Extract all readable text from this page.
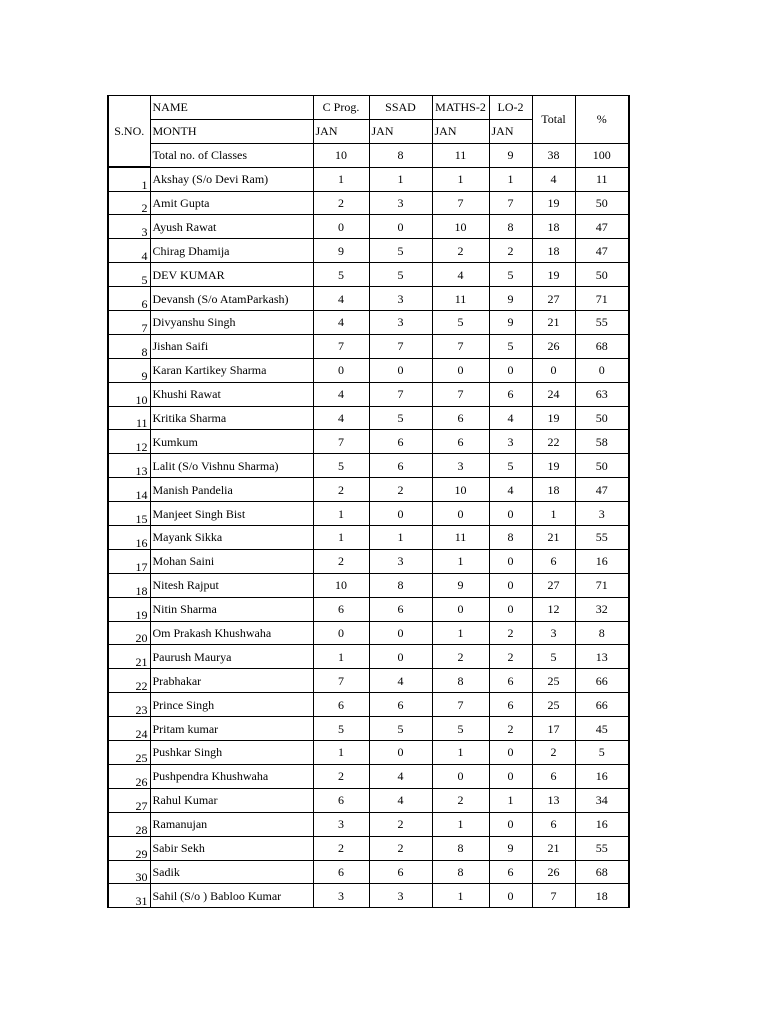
S.NO.	NAME	C Prog.	SSAD	MATHS-2	LO-2	Total	%
	MONTH	JAN	JAN	JAN	JAN		
	Total no. of Classes	10	8	11	9	38	100
1	Akshay (S/o Devi Ram)	1	1	1	1	4	11
2	Amit Gupta	2	3	7	7	19	50
3	Ayush Rawat	0	0	10	8	18	47
4	Chirag Dhamija	9	5	2	2	18	47
5	DEV KUMAR	5	5	4	5	19	50
6	Devansh (S/o AtamParkash)	4	3	11	9	27	71
7	Divyanshu Singh	4	3	5	9	21	55
8	Jishan Saifi	7	7	7	5	26	68
9	Karan Kartikey Sharma	0	0	0	0	0	0
10	Khushi Rawat	4	7	7	6	24	63
11	Kritika Sharma	4	5	6	4	19	50
12	Kumkum	7	6	6	3	22	58
13	Lalit (S/o Vishnu Sharma)	5	6	3	5	19	50
14	Manish Pandelia	2	2	10	4	18	47
15	Manjeet Singh Bist	1	0	0	0	1	3
16	Mayank Sikka	1	1	11	8	21	55
17	Mohan Saini	2	3	1	0	6	16
18	Nitesh Rajput	10	8	9	0	27	71
19	Nitin Sharma	6	6	0	0	12	32
20	Om Prakash Khushwaha	0	0	1	2	3	8
21	Paurush Maurya	1	0	2	2	5	13
22	Prabhakar	7	4	8	6	25	66
23	Prince Singh	6	6	7	6	25	66
24	Pritam kumar	5	5	5	2	17	45
25	Pushkar Singh	1	0	1	0	2	5
26	Pushpendra Khushwaha	2	4	0	0	6	16
27	Rahul Kumar	6	4	2	1	13	34
28	Ramanujan	3	2	1	0	6	16
29	Sabir Sekh	2	2	8	9	21	55
30	Sadik	6	6	8	6	26	68
31	Sahil (S/o ) Babloo Kumar	3	3	1	0	7	18
